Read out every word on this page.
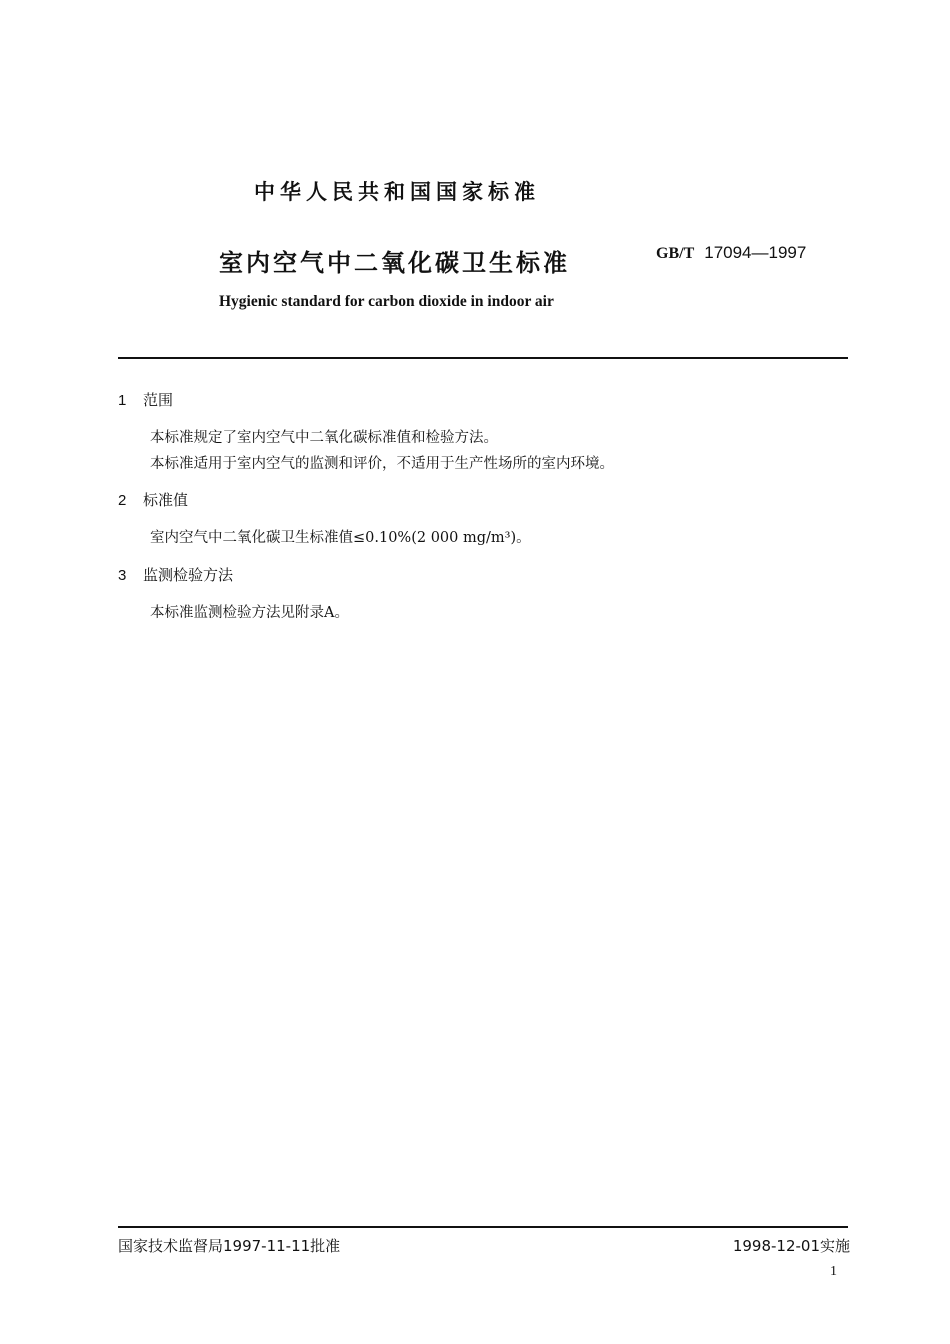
中华人民共和国国家标准
室内空气中二氧化碳卫生标准	GB/T 17094—1997
Hygienic standard for carbon dioxide in indoor air
1 范围
本标准规定了室内空气中二氧化碳标准值和检验方法。
本标准适用于室内空气的监测和评价，不适用于生产性场所的室内环境。
2 标准值
室内空气中二氧化碳卫生标准值≤0.10%(2 000 mg/m³)。
3 监测检验方法
本标准监测检验方法见附录A。
国家技术监督局1997-11-11批准	1998-12-01实施
1
